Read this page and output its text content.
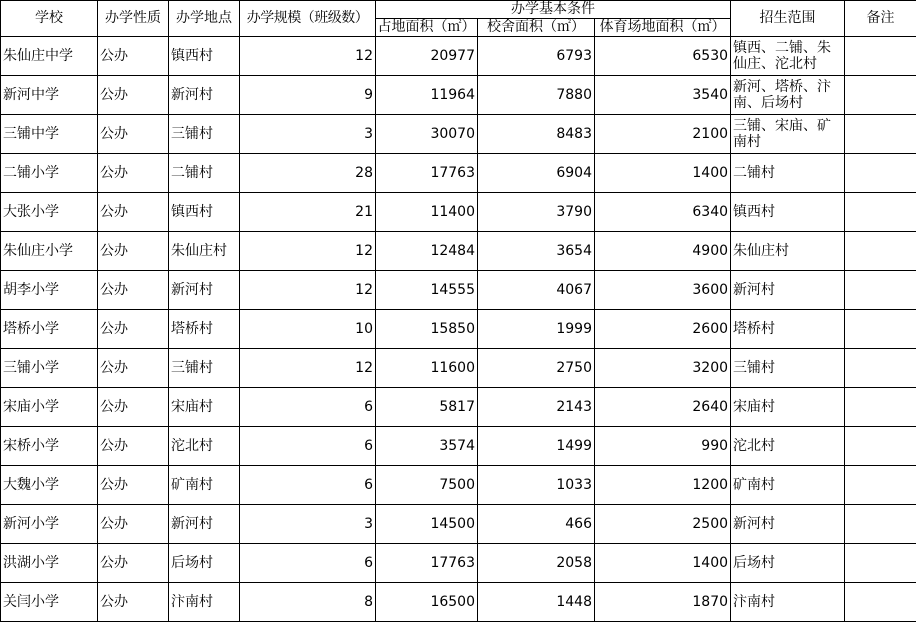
学校	办学性质	办学地点	办学规模（班级数）	办学基本条件			招生范围	备注
				占地面积（㎡）	校舍面积（㎡）	体育场地面积（㎡）		
朱仙庄中学	公办	镇西村	12	20977	6793	6530	镇西、二铺、朱仙庄、沱北村	
新河中学	公办	新河村	9	11964	7880	3540	新河、塔桥、汴南、后场村	
三铺中学	公办	三铺村	3	30070	8483	2100	三铺、宋庙、矿南村	
二铺小学	公办	二铺村	28	17763	6904	1400	二铺村	
大张小学	公办	镇西村	21	11400	3790	6340	镇西村	
朱仙庄小学	公办	朱仙庄村	12	12484	3654	4900	朱仙庄村	
胡李小学	公办	新河村	12	14555	4067	3600	新河村	
塔桥小学	公办	塔桥村	10	15850	1999	2600	塔桥村	
三铺小学	公办	三铺村	12	11600	2750	3200	三铺村	
宋庙小学	公办	宋庙村	6	5817	2143	2640	宋庙村	
宋桥小学	公办	沱北村	6	3574	1499	990	沱北村	
大魏小学	公办	矿南村	6	7500	1033	1200	矿南村	
新河小学	公办	新河村	3	14500	466	2500	新河村	
洪湖小学	公办	后场村	6	17763	2058	1400	后场村	
关闫小学	公办	汴南村	8	16500	1448	1870	汴南村	
